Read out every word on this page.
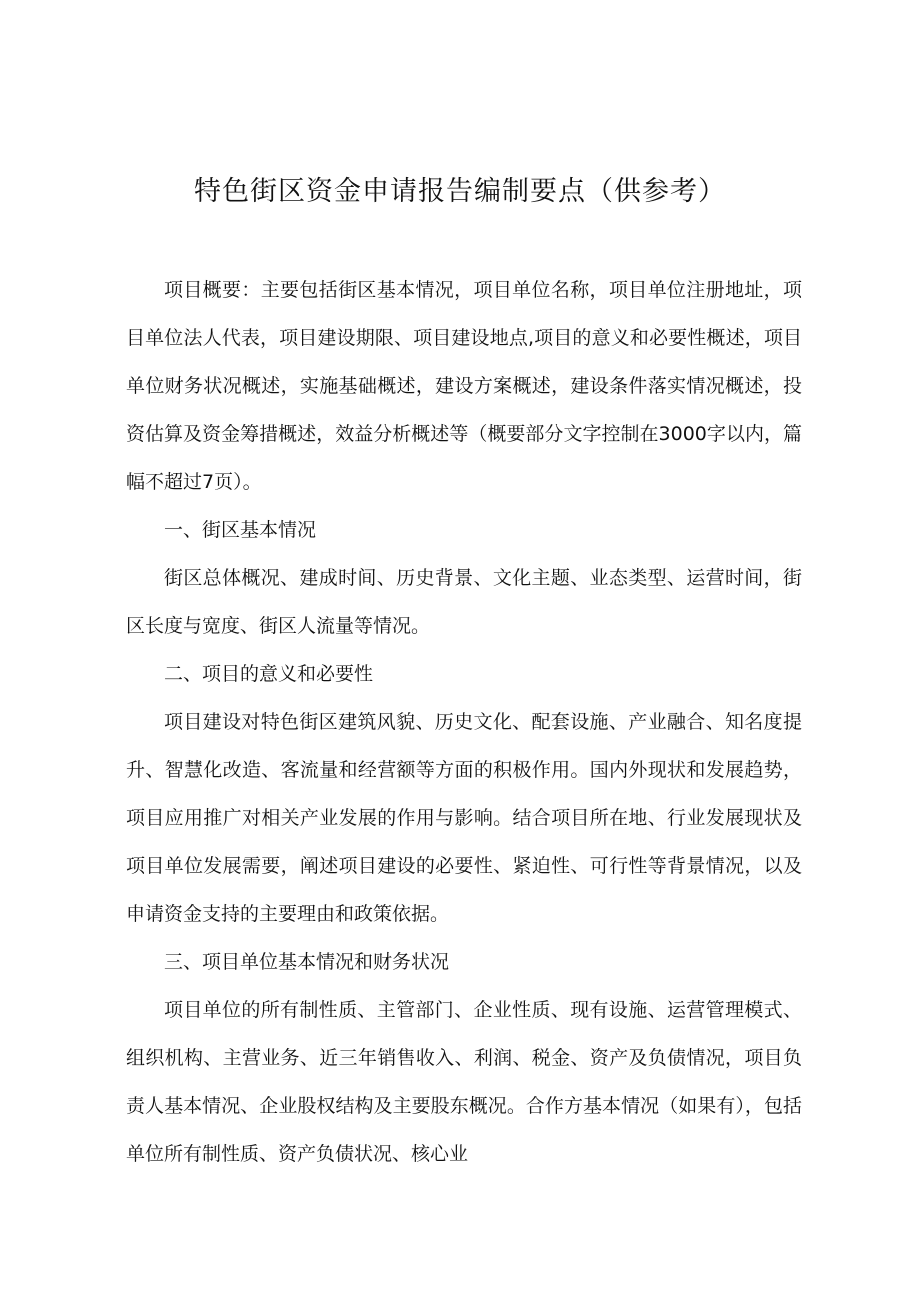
特色街区资金申请报告编制要点（供参考）

项目概要：主要包括街区基本情况，项目单位名称，项目单位注册地址，项目单位法人代表，项目建设期限、项目建设地点,项目的意义和必要性概述，项目单位财务状况概述，实施基础概述，建设方案概述，建设条件落实情况概述，投资估算及资金筹措概述，效益分析概述等（概要部分文字控制在3000字以内，篇幅不超过7页）。

一、街区基本情况

街区总体概况、建成时间、历史背景、文化主题、业态类型、运营时间，街区长度与宽度、街区人流量等情况。

二、项目的意义和必要性

项目建设对特色街区建筑风貌、历史文化、配套设施、产业融合、知名度提升、智慧化改造、客流量和经营额等方面的积极作用。国内外现状和发展趋势，项目应用推广对相关产业发展的作用与影响。结合项目所在地、行业发展现状及项目单位发展需要，阐述项目建设的必要性、紧迫性、可行性等背景情况，以及申请资金支持的主要理由和政策依据。

三、项目单位基本情况和财务状况

项目单位的所有制性质、主管部门、企业性质、现有设施、运营管理模式、组织机构、主营业务、近三年销售收入、利润、税金、资产及负债情况，项目负责人基本情况、企业股权结构及主要股东概况。合作方基本情况（如果有），包括单位所有制性质、资产负债状况、核心业
